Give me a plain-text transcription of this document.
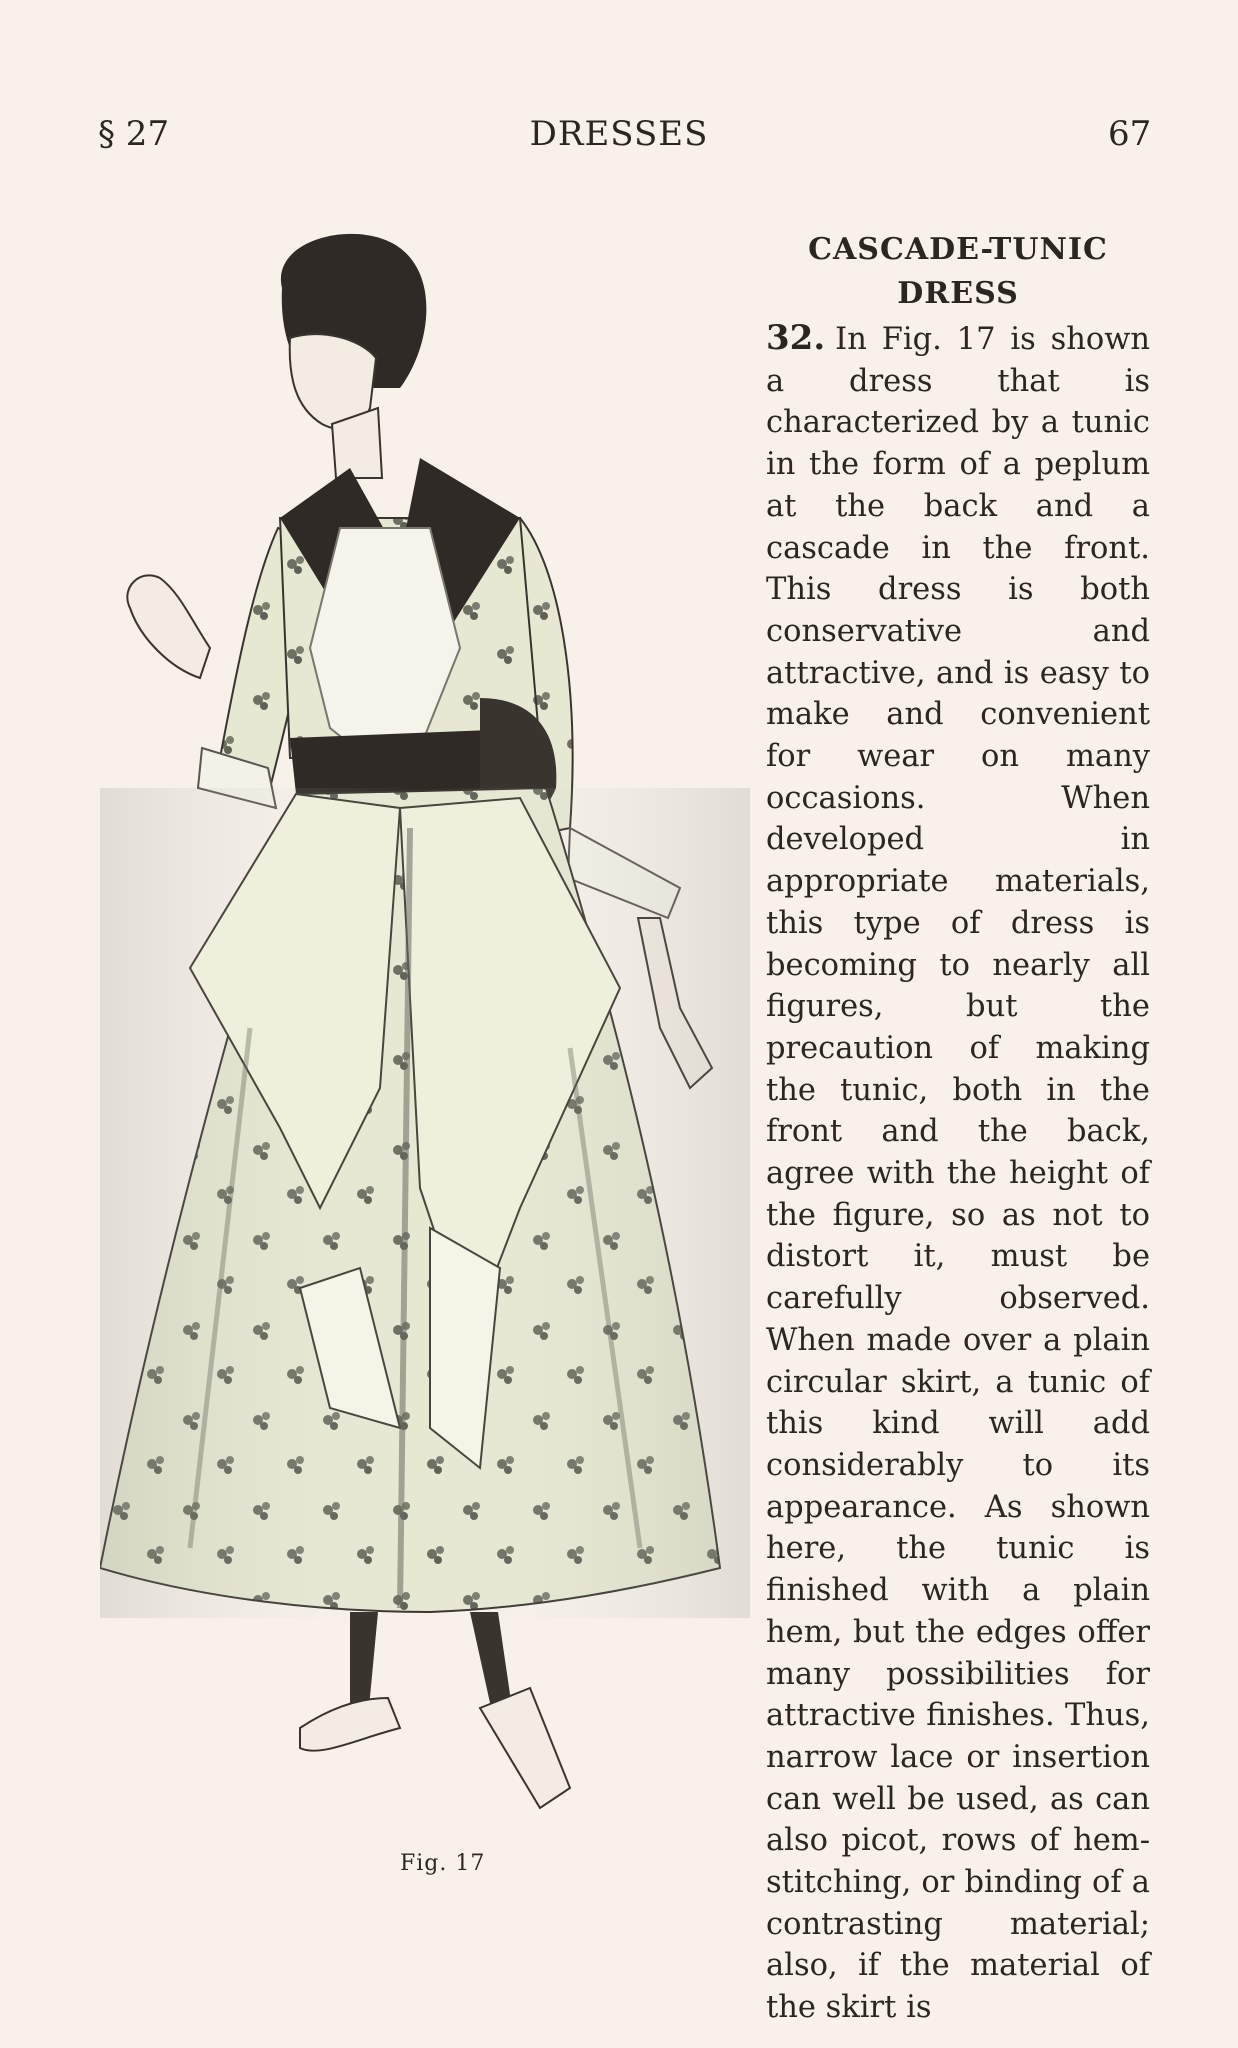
§ 27	DRESSES	67
Fig. 17
CASCADE-TUNIC
DRESS
32. In Fig. 17 is shown a dress that is characterized by a tunic in the form of a peplum at the back and a cascade in the front. This dress is both conservative and attractive, and is easy to make and convenient for wear on many occasions. When developed in appropriate materials, this type of dress is becoming to nearly all figures, but the precaution of making the tunic, both in the front and the back, agree with the height of the figure, so as not to distort it, must be carefully observed. When made over a plain circular skirt, a tunic of this kind will add considerably to its appearance. As shown here, the tunic is finished with a plain hem, but the edges offer many possibilities for attractive finishes. Thus, narrow lace or insertion can well be used, as can also picot, rows of hem-stitching, or binding of a contrasting material; also, if the material of the skirt is
